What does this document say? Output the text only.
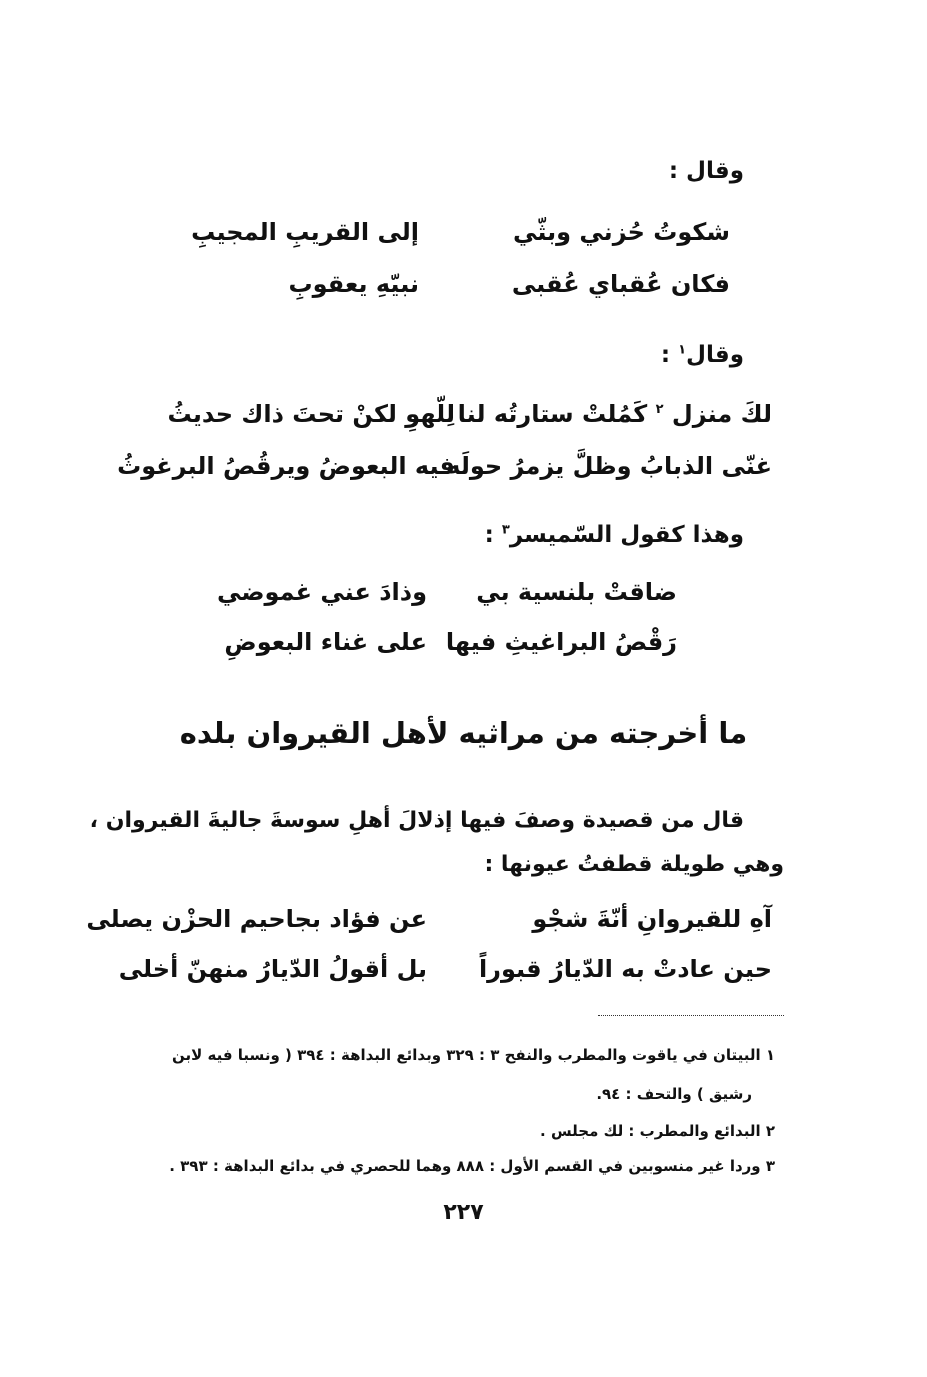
وقال :
شكوتُ حُزني وبثّي
إلى القريبِ المجيبِ
فكان عُقباي عُقبى
نبيّهِ يعقوبِ
وقال$^١$ :
لكَ منزل $^٢$ كَمُلتْ ستارتُه لنا
لِلّهوِ لكنْ تحتَ ذاك حديثُ
غنّى الذبابُ وظلَّ يزمرُ حولَه
فيه البعوضُ ويرقُصُ البرغوثُ
وهذا كقول السّميسر$^٣$ :
ضاقتْ بلنسية بي
وذادَ عني غموضي
رَقْصُ البراغيثِ فيها
على غناء البعوضِ
ما أخرجته من مراثيه لأهل القيروان بلده
قال من قصيدة وصفَ فيها إذلالَ أهلِ سوسةَ جاليةَ القيروان ،
وهي طويلة قطفتُ عيونها :
آهِ للقيروانِ أنّةَ شجْو
عن فؤاد بجاحيم الحزْن يصلى
حين عادتْ به الدّيارُ قبوراً
بل أقولُ الدّيارُ منهنّ أخلى
١ البيتان في ياقوت والمطرب والنفح ٣ : ٣٢٩ وبدائع البداهة : ٣٩٤ ( ونسبا فيه لابن
رشيق ) والتحف : ٩٤.
٢ البدائع والمطرب : لك مجلس .
٣ وردا غير منسوبين في القسم الأول : ٨٨٨ وهما للحصري في بدائع البداهة : ٣٩٣ .
٢٢٧
